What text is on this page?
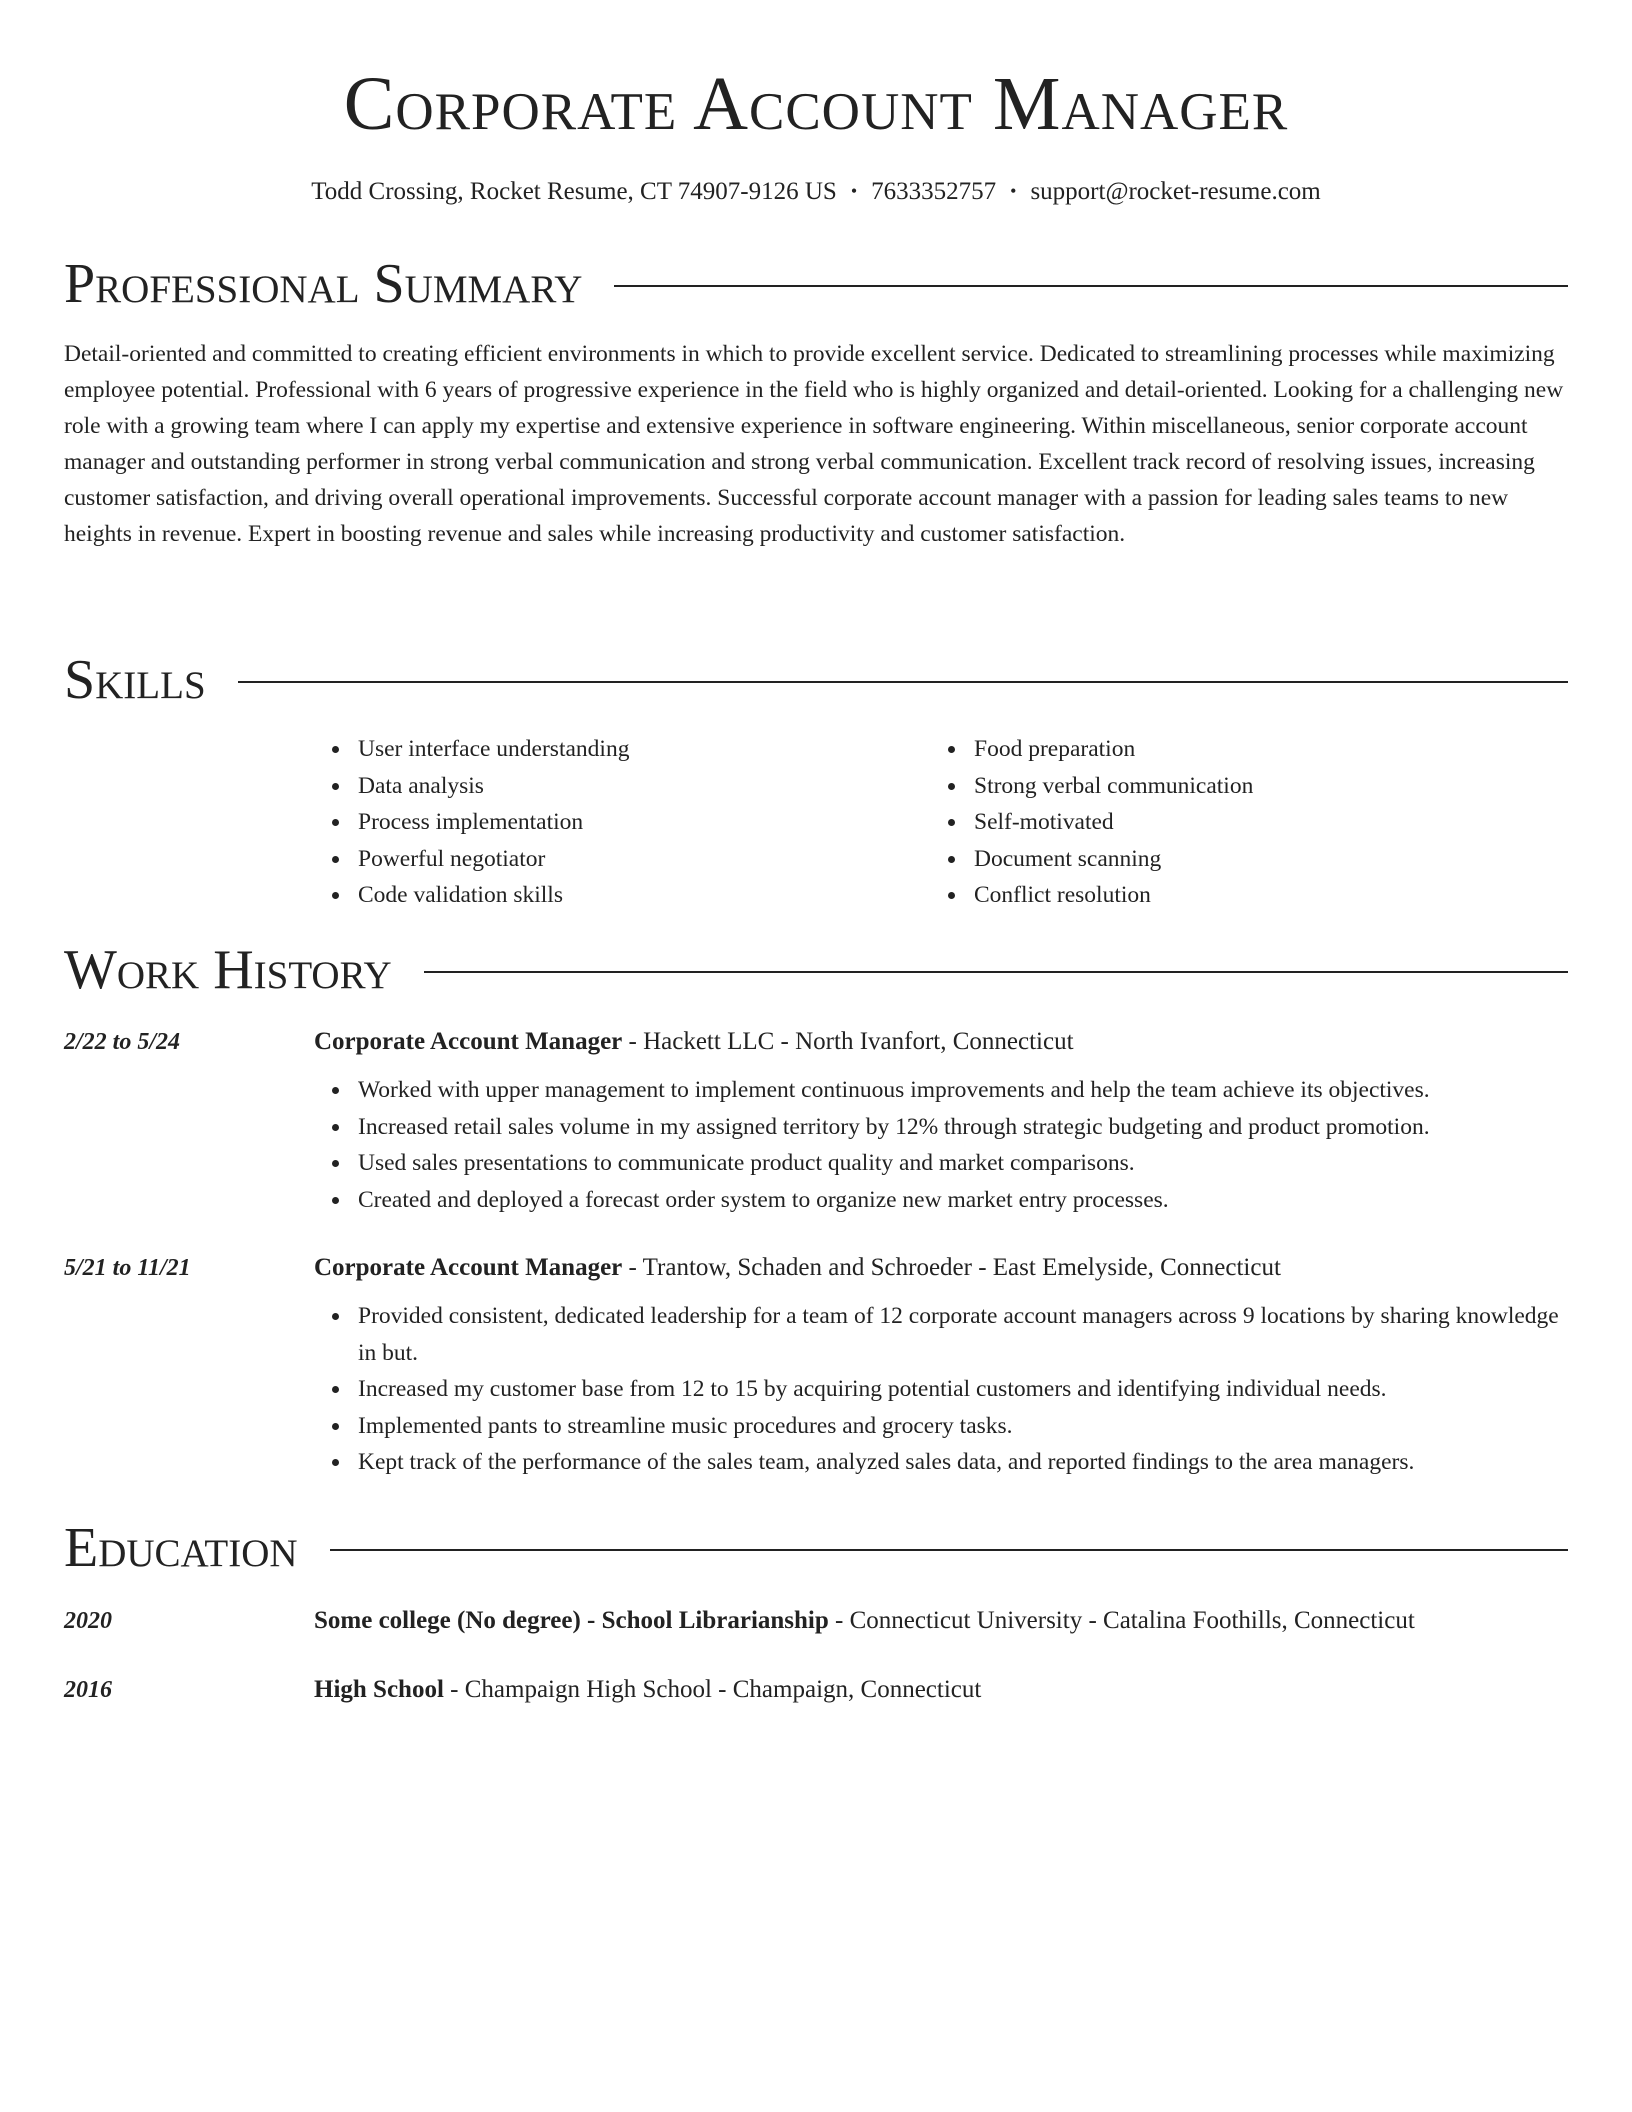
Corporate Account Manager

Todd Crossing, Rocket Resume, CT 74907-9126 US • 7633352757 • support@rocket-resume.com

Professional Summary

Detail-oriented and committed to creating efficient environments in which to provide excellent service. Dedicated to streamlining processes while maximizing employee potential. Professional with 6 years of progressive experience in the field who is highly organized and detail-oriented. Looking for a challenging new role with a growing team where I can apply my expertise and extensive experience in software engineering. Within miscellaneous, senior corporate account manager and outstanding performer in strong verbal communication and strong verbal communication. Excellent track record of resolving issues, increasing customer satisfaction, and driving overall operational improvements. Successful corporate account manager with a passion for leading sales teams to new heights in revenue. Expert in boosting revenue and sales while increasing productivity and customer satisfaction.

Skills
User interface understanding
Data analysis
Process implementation
Powerful negotiator
Code validation skills
Food preparation
Strong verbal communication
Self-motivated
Document scanning
Conflict resolution
Work History
2/22 to 5/24	Corporate Account Manager - Hackett LLC - North Ivanfort, Connecticut
Worked with upper management to implement continuous improvements and help the team achieve its objectives.
Increased retail sales volume in my assigned territory by 12% through strategic budgeting and product promotion.
Used sales presentations to communicate product quality and market comparisons.
Created and deployed a forecast order system to organize new market entry processes.
5/21 to 11/21	Corporate Account Manager - Trantow, Schaden and Schroeder - East Emelyside, Connecticut
Provided consistent, dedicated leadership for a team of 12 corporate account managers across 9 locations by sharing knowledge in but.
Increased my customer base from 12 to 15 by acquiring potential customers and identifying individual needs.
Implemented pants to streamline music procedures and grocery tasks.
Kept track of the performance of the sales team, analyzed sales data, and reported findings to the area managers.
Education
2020	Some college (No degree) - School Librarianship - Connecticut University - Catalina Foothills, Connecticut
2016	High School - Champaign High School - Champaign, Connecticut
